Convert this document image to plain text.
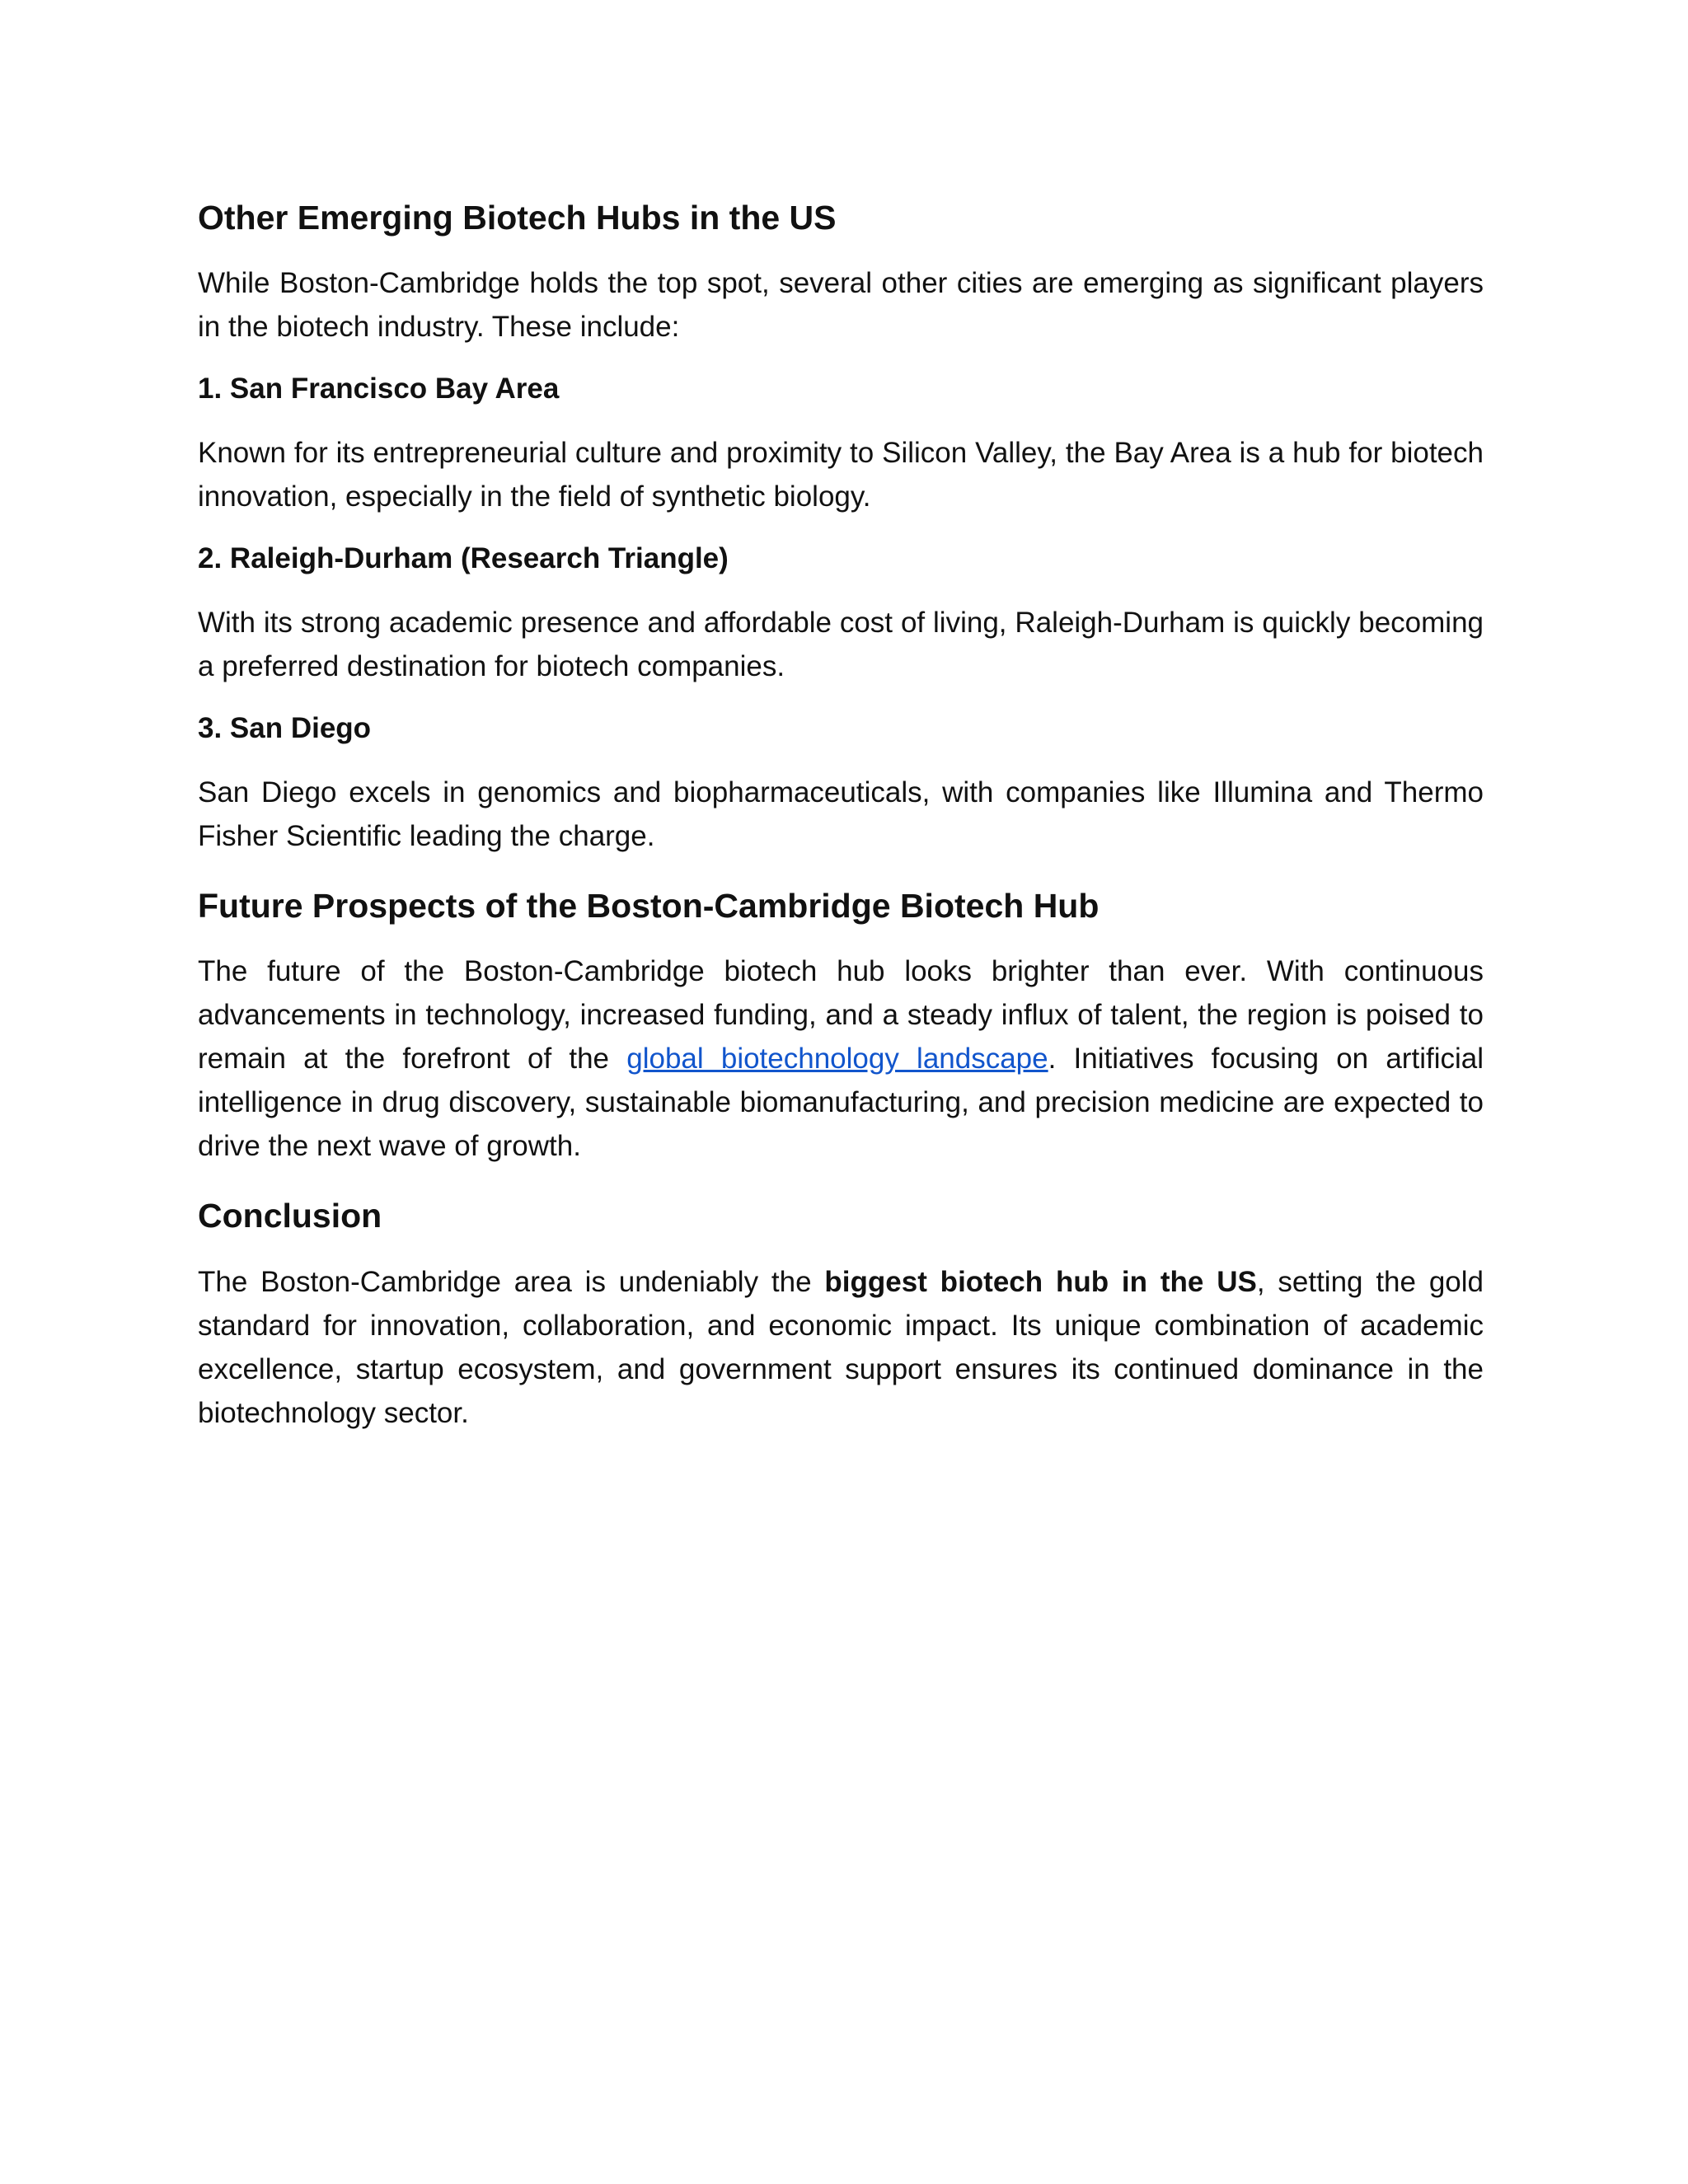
Other Emerging Biotech Hubs in the US

While Boston-Cambridge holds the top spot, several other cities are emerging as significant players in the biotech industry. These include:

1. San Francisco Bay Area

Known for its entrepreneurial culture and proximity to Silicon Valley, the Bay Area is a hub for biotech innovation, especially in the field of synthetic biology.

2. Raleigh-Durham (Research Triangle)

With its strong academic presence and affordable cost of living, Raleigh-Durham is quickly becoming a preferred destination for biotech companies.

3. San Diego

San Diego excels in genomics and biopharmaceuticals, with companies like Illumina and Thermo Fisher Scientific leading the charge.

Future Prospects of the Boston-Cambridge Biotech Hub

The future of the Boston-Cambridge biotech hub looks brighter than ever. With continuous advancements in technology, increased funding, and a steady influx of talent, the region is poised to remain at the forefront of the global biotechnology landscape. Initiatives focusing on artificial intelligence in drug discovery, sustainable biomanufacturing, and precision medicine are expected to drive the next wave of growth.

Conclusion

The Boston-Cambridge area is undeniably the biggest biotech hub in the US, setting the gold standard for innovation, collaboration, and economic impact. Its unique combination of academic excellence, startup ecosystem, and government support ensures its continued dominance in the biotechnology sector.
